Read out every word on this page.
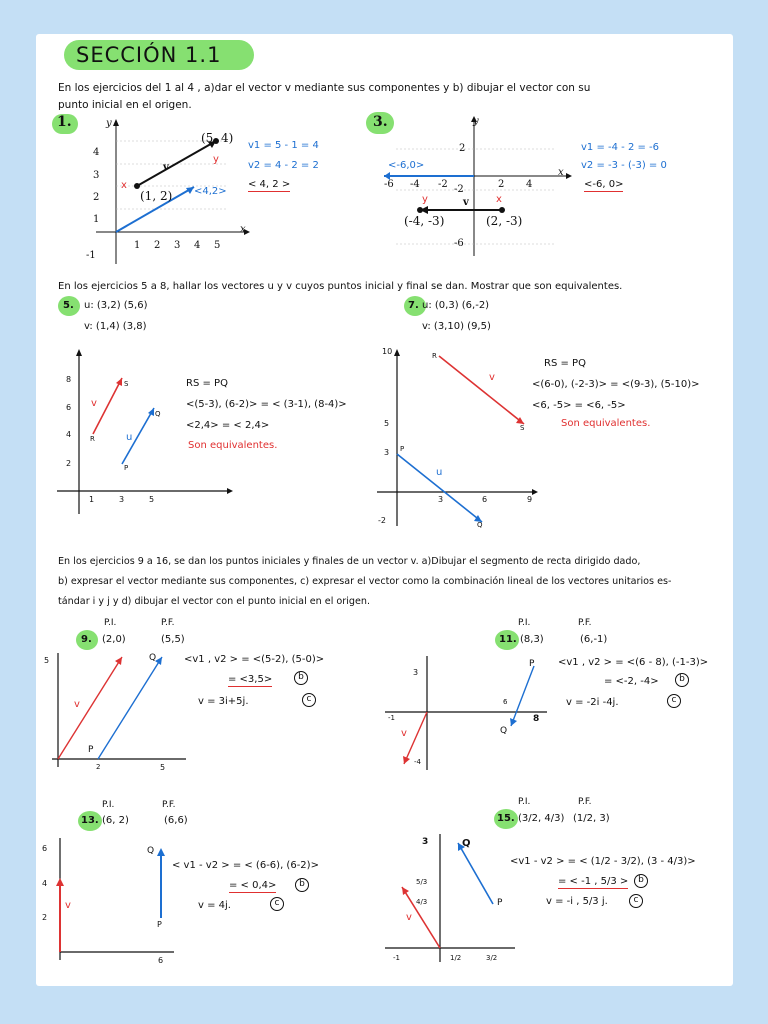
SECCIÓN 1.1
En los ejercicios del 1 al 4 , a)dar el vector v mediante sus componentes y b) dibujar el vector con su
punto inicial en el origen.
1.	y
x
4
3
2
1
-1
1 2 3 4 5
(5, 4)
(1, 2)
v
<4,2>
x
y
v1 = 5 - 1 = 4
v2 = 4 - 2 = 2
< 4, 2 >
3.	y
x
2
-2
-6
-6 -4 -2	2 4
(-4, -3)	(2, -3)
v
<-6,0>
y	x
v1 = -4 - 2 = -6
v2 = -3 - (-3) = 0
<-6, 0>
En los ejercicios 5 a 8, hallar los vectores u y v cuyos puntos inicial y final se dan. Mostrar que son equivalentes.
5. u: (3,2) (5,6)
v: (1,4) (3,8)
8
6
4
2
1	3	5
v
u
R
S
P
Q
RS = PQ
<(5-3), (6-2)> = < (3-1), (8-4)>
<2,4> = < 2,4>
Son equivalentes.
7. u: (0,3) (6,-2)
v: (3,10) (9,5)
10
5
3
-2
3	6	9
v
u
R
S
P
Q
RS = PQ
<(6-0), (-2-3)> = <(9-3), (5-10)>
<6, -5> = <6, -5>
Son equivalentes.
En los ejercicios 9 a 16, se dan los puntos iniciales y finales de un vector v. a)Dibujar el segmento de recta dirigido dado,
b) expresar el vector mediante sus componentes, c) expresar el vector como la combinación lineal de los vectores unitarios es-
tándar i y j y d) dibujar el vector con el punto inicial en el origen.
P.I.	P.F.
9. (2,0)	(5,5)
5
2	5
P
Q
v
<v1 , v2 > = <(5-2), (5-0)>
= <3,5>
v = 3i+5j.
b
c
P.I.	P.F.
11. (8,3)	(6,-1)
3
-1
6
8
-4
P
Q
v
<v1 , v2 > = <(6 - 8), (-1-3)>
= <-2, -4>
v = -2i -4j.
b
c
P.I.	P.F.
13. (6, 2)	(6,6)
6
4
2
6
Q
P
v
< v1 - v2 > = < (6-6), (6-2)>
= < 0,4>
v = 4j.
b
c
P.I.	P.F.
15. (3/2, 4/3) (1/2, 3)
3
5/3
4/3
-1	1/2	3/2
Q
P
v
<v1 - v2 > = < (1/2 - 3/2), (3 - 4/3)>
= < -1 , 5/3 >
v = -i , 5/3 j.
b
c
